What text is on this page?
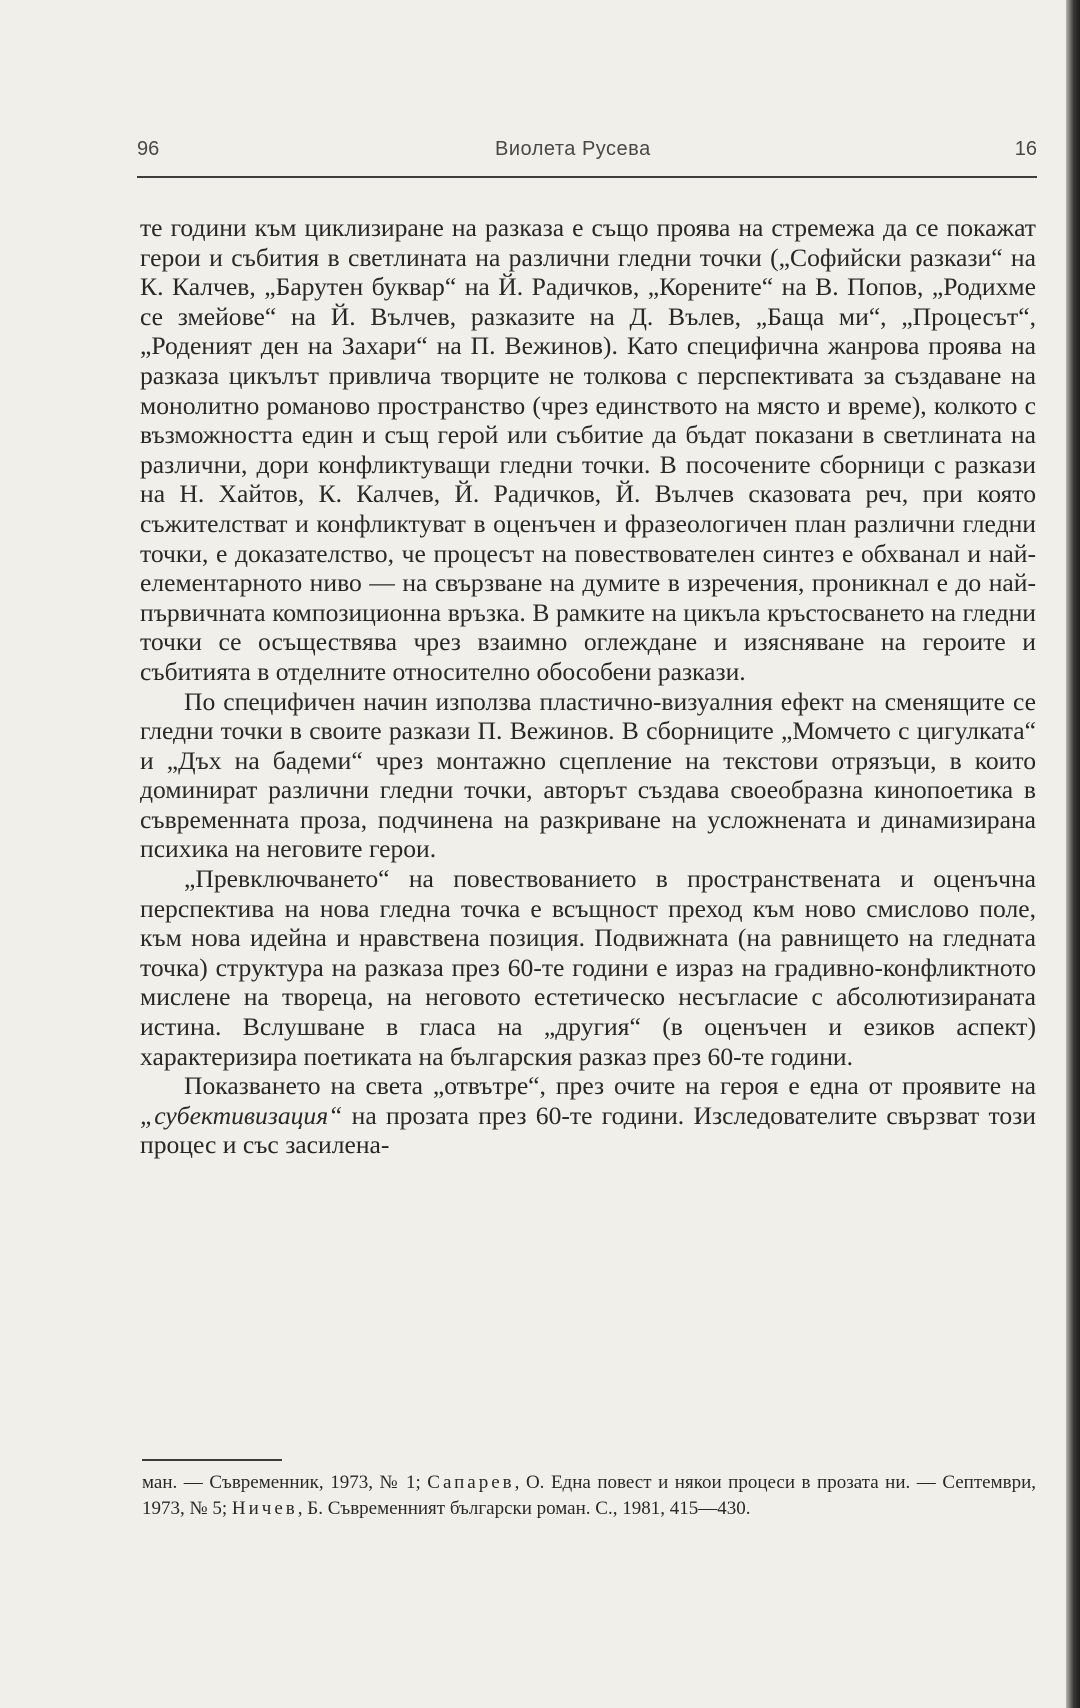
96	Виолета Русева	16

те години към циклизиране на разказа е също проява на стремежа да се покажат герои и събития в светлината на различни гледни точки („Софийски разкази“ на К. Калчев, „Барутен буквар“ на Й. Радичков, „Корените“ на В. Попов, „Родихме се змейове“ на Й. Вълчев, разказите на Д. Вълев, „Баща ми“, „Процесът“, „Роденият ден на Захари“ на П. Вежинов). Като специфична жанрова проява на разказа цикълът привлича творците не толкова с перспективата за създаване на монолитно романово пространство (чрез единството на място и време), колкото с възможността един и същ герой или събитие да бъдат показани в светлината на различни, дори конфликтуващи гледни точки. В посочените сборници с разкази на Н. Хайтов, К. Калчев, Й. Радичков, Й. Вълчев сказовата реч, при която съжителстват и конфликтуват в оценъчен и фразеологичен план различни гледни точки, е доказателство, че процесът на повествователен синтез е обхванал и най-елементарното ниво — на свързване на думите в изречения, проникнал е до най-първичната композиционна връзка. В рамките на цикъла кръстосването на гледни точки се осъществява чрез взаимно оглеждане и изясняване на героите и събитията в отделните относително обособени разкази.

По специфичен начин използва пластично-визуалния ефект на сменящите се гледни точки в своите разкази П. Вежинов. В сборниците „Момчето с цигулката“ и „Дъх на бадеми“ чрез монтажно сцепление на текстови отрязъци, в които доминират различни гледни точки, авторът създава своеобразна кинопоетика в съвременната проза, подчинена на разкриване на усложнената и динамизирана психика на неговите герои.

„Превключването“ на повествованието в пространствената и оценъчна перспектива на нова гледна точка е всъщност преход към ново смислово поле, към нова идейна и нравствена позиция. Подвижната (на равнището на гледната точка) структура на разказа през 60-те години е израз на градивно-конфликтното мислене на твореца, на неговото естетическо несъгласие с абсолютизираната истина. Вслушване в гласа на „другия“ (в оценъчен и езиков аспект) характеризира поетиката на българския разказ през 60-те години.

Показването на света „отвътре“, през очите на героя е една от проявите на „субективизация“ на прозата през 60-те години. Изследователите свързват този процес и със засилена-

ман. — Съвременник, 1973, № 1; Сапарев, О. Една повест и някои процеси в прозата ни. — Септември, 1973, № 5; Ничев, Б. Съвременният български роман. С., 1981, 415—430.
